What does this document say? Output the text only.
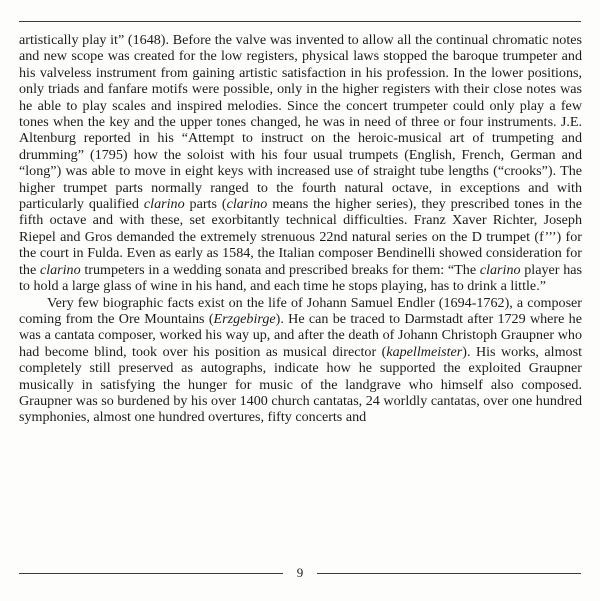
artistically play it” (1648). Before the valve was invented to allow all the continual chromatic notes and new scope was created for the low registers, physical laws stopped the baroque trumpeter and his valveless instrument from gaining artistic satisfaction in his profession. In the lower positions, only triads and fanfare motifs were possible, only in the higher registers with their close notes was he able to play scales and inspired melodies. Since the concert trumpeter could only play a few tones when the key and the upper tones changed, he was in need of three or four instruments. J.E. Altenburg reported in his “Attempt to instruct on the heroic-musical art of trumpeting and drumming” (1795) how the soloist with his four usual trumpets (English, French, German and “long”) was able to move in eight keys with increased use of straight tube lengths (“crooks”). The higher trumpet parts normally ranged to the fourth natural octave, in exceptions and with particularly qualified clarino parts (clarino means the higher series), they prescribed tones in the fifth octave and with these, set exorbitantly technical difficulties. Franz Xaver Richter, Joseph Riepel and Gros demanded the extremely strenuous 22nd natural series on the D trumpet (f’’’) for the court in Fulda. Even as early as 1584, the Italian composer Bendinelli showed consideration for the clarino trumpeters in a wedding sonata and prescribed breaks for them: “The clarino player has to hold a large glass of wine in his hand, and each time he stops playing, has to drink a little.”

Very few biographic facts exist on the life of Johann Samuel Endler (1694-1762), a composer coming from the Ore Mountains (Erzgebirge). He can be traced to Darmstadt after 1729 where he was a cantata composer, worked his way up, and after the death of Johann Christoph Graupner who had become blind, took over his position as musical director (kapellmeister). His works, almost completely still preserved as autographs, indicate how he supported the exploited Graupner musically in satisfying the hunger for music of the landgrave who himself also composed. Graupner was so burdened by his over 1400 church cantatas, 24 worldly cantatas, over one hundred symphonies, almost one hundred overtures, fifty concerts and

9
